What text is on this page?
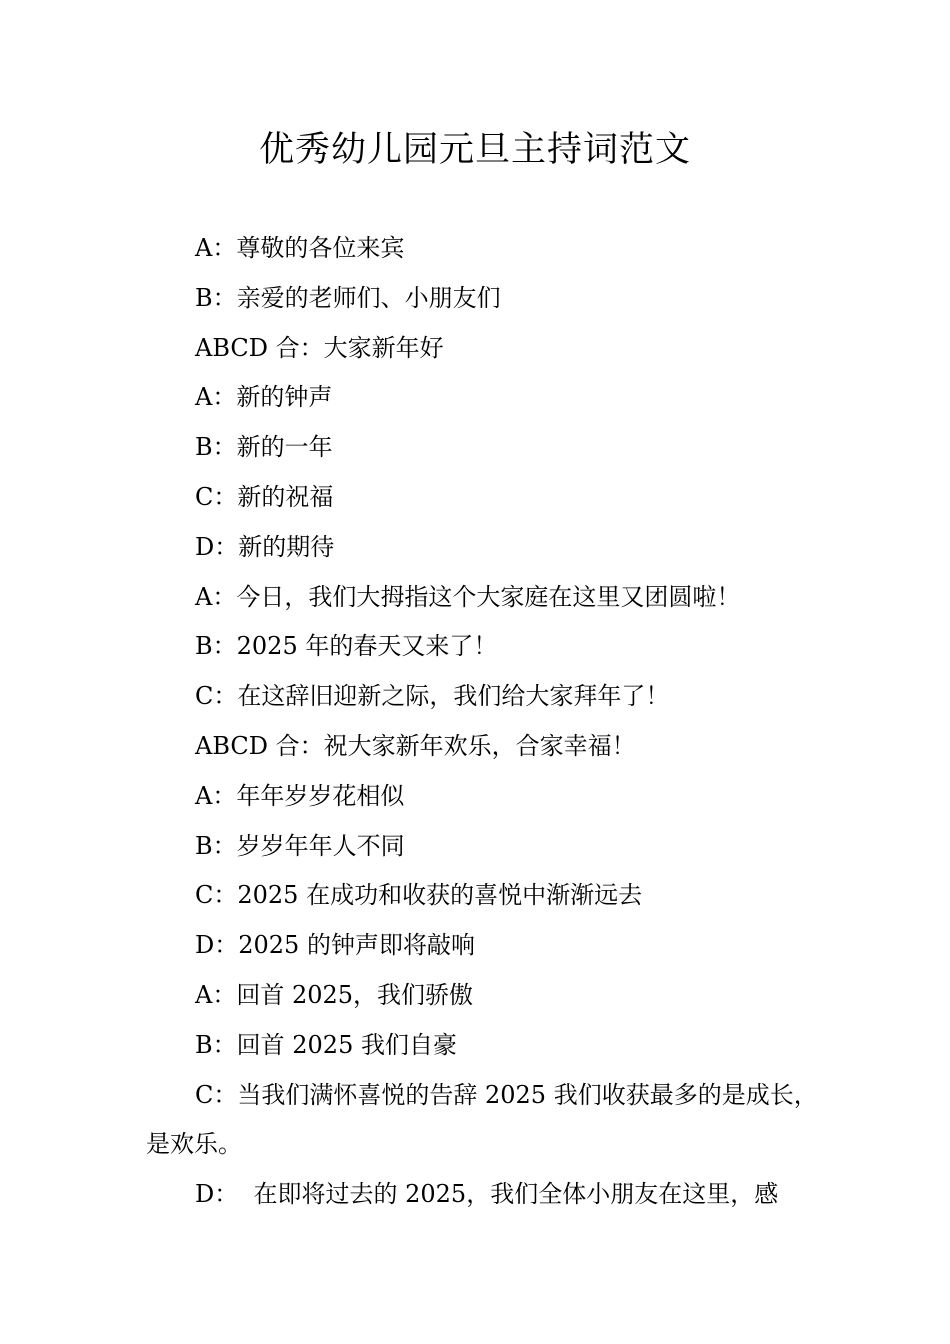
优秀幼儿园元旦主持词范文

A：尊敬的各位来宾

B：亲爱的老师们、小朋友们

ABCD 合：大家新年好

A：新的钟声

B：新的一年

C：新的祝福

D：新的期待

A：今日，我们大拇指这个大家庭在这里又团圆啦！

B：2025 年的春天又来了！

C：在这辞旧迎新之际，我们给大家拜年了！

ABCD 合：祝大家新年欢乐，合家幸福！

A：年年岁岁花相似

B：岁岁年年人不同

C：2025 在成功和收获的喜悦中渐渐远去

D：2025 的钟声即将敲响

A：回首 2025，我们骄傲

B：回首 2025 我们自豪

C：当我们满怀喜悦的告辞 2025 我们收获最多的是成长，

是欢乐。

D：  在即将过去的 2025，我们全体小朋友在这里，感
